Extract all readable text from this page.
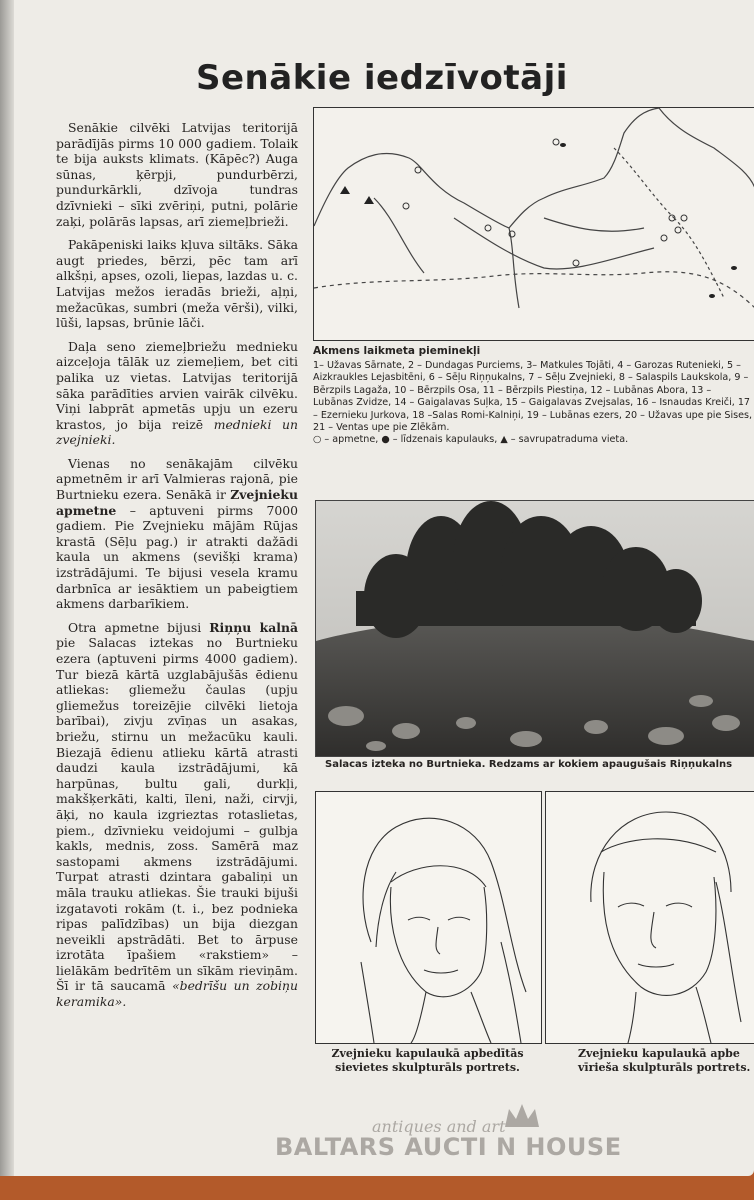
Senākie iedzīvotāji

Senākie cilvēki Latvijas teritorijā parādījās pirms 10 000 gadiem. Tolaik te bija auksts klimats. (Kāpēc?) Auga sūnas, ķērpji, pundurbērzi, pundurkārkli, dzīvoja tundras dzīvnieki – sīki zvēriņi, putni, polārie zaķi, polārās lapsas, arī ziemeļbrieži.

Pakāpeniski laiks kļuva siltāks. Sāka augt priedes, bērzi, pēc tam arī alkšņi, apses, ozoli, liepas, lazdas u. c. Latvijas mežos ieradās brieži, aļņi, mežacūkas, sumbri (meža vērši), vilki, lūši, lapsas, brūnie lāči.

Daļa seno ziemeļbriežu mednieku aizceļoja tālāk uz ziemeļiem, bet citi palika uz vietas. Latvijas teritorijā sāka parādīties arvien vairāk cilvēku. Viņi labprāt apmetās upju un ezeru krastos, jo bija reizē mednieki un zvejnieki.

Vienas no senākajām cilvēku apmetnēm ir arī Valmieras rajonā, pie Burtnieku ezera. Senākā ir Zvejnieku apmetne – aptuveni pirms 7000 gadiem. Pie Zvejnieku mājām Rūjas krastā (Sēļu pag.) ir atrakti dažādi kaula un akmens (sevišķi krama) izstrādājumi. Te bijusi vesela kramu darbnīca ar iesāktiem un pabeigtiem akmens darbarīkiem.

Otra apmetne bijusi Riņņu kalnā pie Salacas iztekas no Burtnieku ezera (aptuveni pirms 4000 gadiem). Tur biezā kārtā uzglabājušās ēdienu atliekas: gliemežu čaulas (upju gliemežus toreizējie cilvēki lietoja barībai), zivju zvīņas un asakas, briežu, stirnu un mežacūku kauli. Biezajā ēdienu atlieku kārtā atrasti daudzi kaula izstrādājumi, kā harpūnas, bultu gali, durkļi, makšķerkāti, kalti, īleni, naži, cirvji, āķi, no kaula izgrieztas rotaslietas, piem., dzīvnieku veidojumi – gulbja kakls, mednis, zoss. Samērā maz sastopami akmens izstrādājumi. Turpat atrasti dzintara gabaliņi un māla trauku atliekas. Šie trauki bijuši izgatavoti rokām (t. i., bez podnieka ripas palīdzības) un bija diezgan neveikli apstrādāti. Bet to ārpuse izrotāta īpašiem «rakstiem» – lielākām bedrītēm un sīkām rieviņām. Šī ir tā saucamā «bedrīšu un zobiņu keramika».

Akmens laikmeta pieminekļi
1– Užavas Sārnate, 2 – Dundagas Purciems, 3– Matkules Tojāti, 4 – Garozas Rutenieki, 5 – Aizkraukles Lejasbitēni, 6 – Sēļu Riņņukalns, 7 – Sēļu Zvejnieki, 8 – Salaspils Laukskola, 9 – Bērzpils Lagaža, 10 – Bērzpils Osa, 11 – Bērzpils Piestiņa, 12 – Lubānas Abora, 13 – Lubānas Zvidze, 14 – Gaigalavas Suļka, 15 – Gaigalavas Zvejsalas, 16 – Isnaudas Kreiči, 17 – Ezernieku Jurkova, 18 –Salas Romi-Kalniņi, 19 – Lubānas ezers, 20 – Užavas upe pie Sises, 21 – Ventas upe pie Zlēkām.
○ – apmetne, ● – līdzenais kapulauks, ▲ – savrupatraduma vieta.
Salacas izteka no Burtnieka. Redzams ar kokiem apaugušais Riņņukalns
Zvejnieku kapulaukā apbedītās
sievietes skulpturāls portrets.
Zvejnieku kapulaukā apbe
vīrieša skulpturāls portrets.
antiques and art
BALTARS AUCTI N HOUSE
